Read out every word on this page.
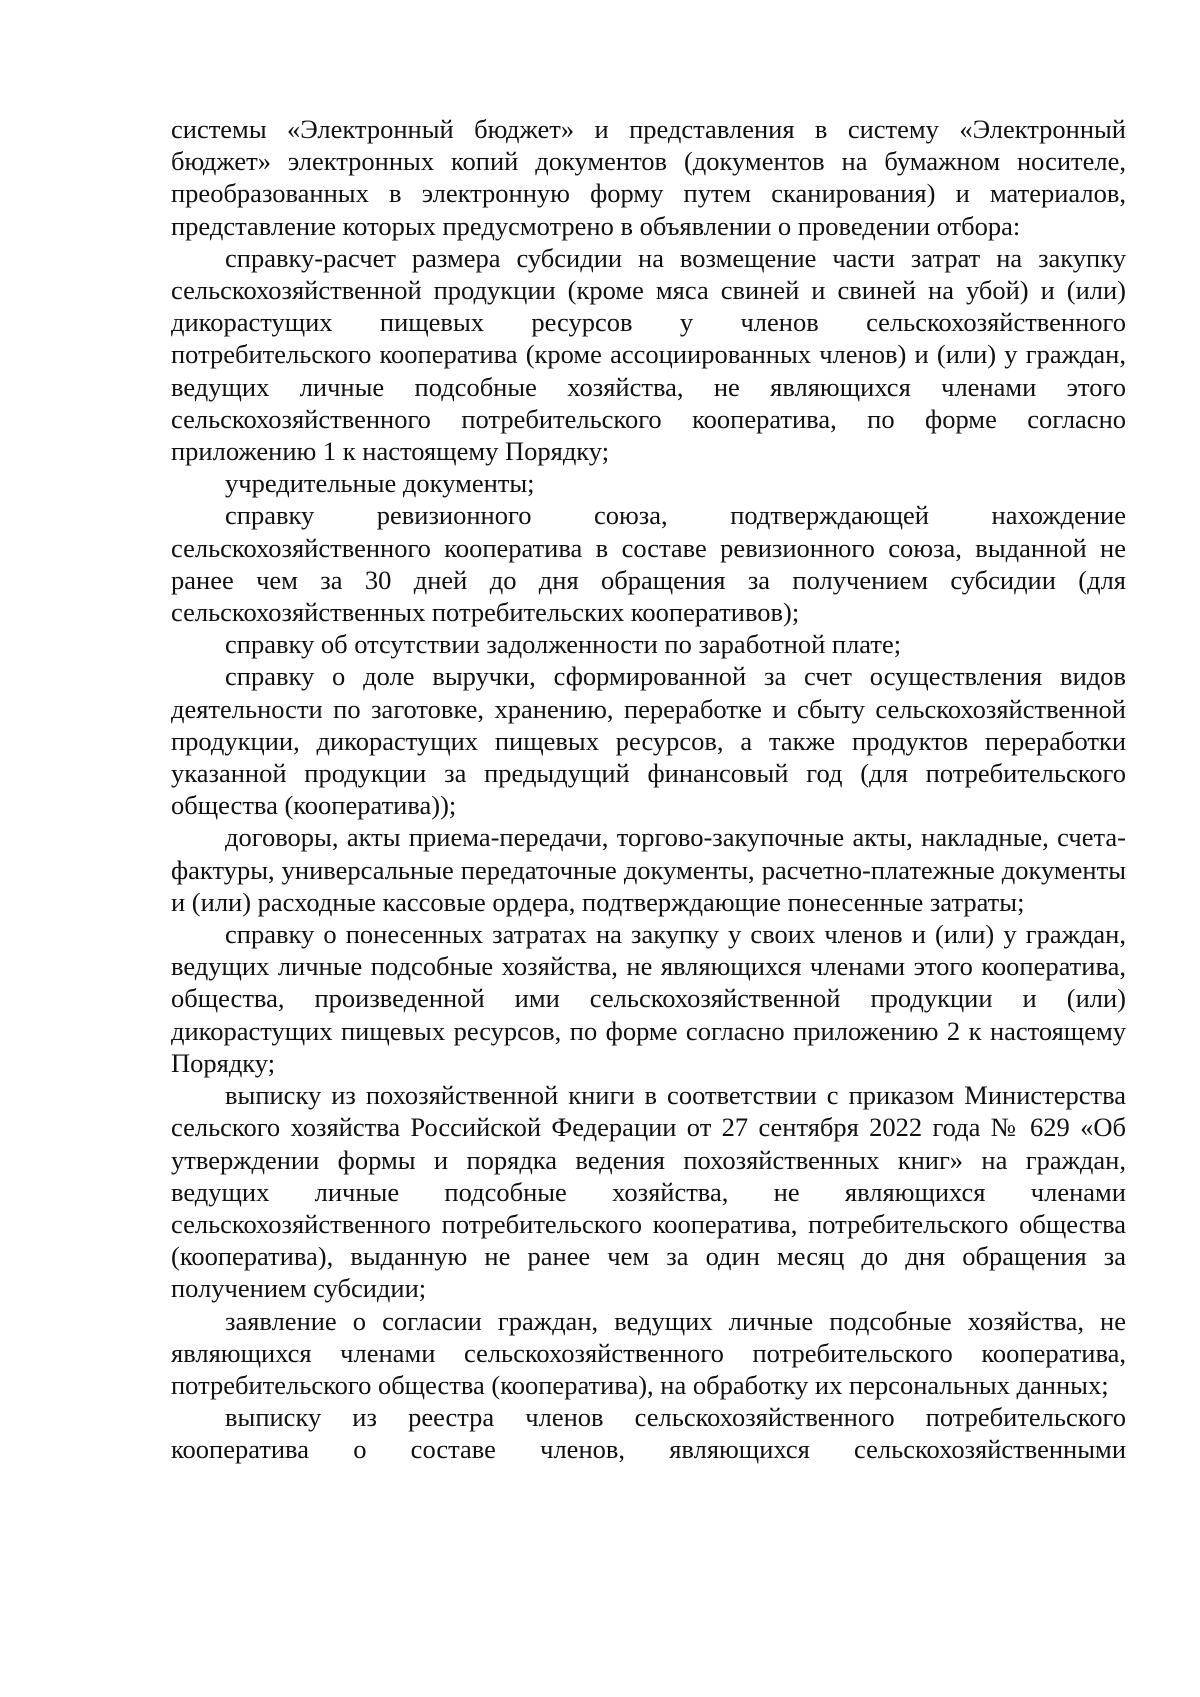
системы «Электронный бюджет» и представления в систему «Электронный бюджет» электронных копий документов (документов на бумажном носителе, преобразованных в электронную форму путем сканирования) и материалов, представление которых предусмотрено в объявлении о проведении отбора:

справку-расчет размера субсидии на возмещение части затрат на закупку сельскохозяйственной продукции (кроме мяса свиней и свиней на убой) и (или) дикорастущих пищевых ресурсов у членов сельскохозяйственного потребительского кооператива (кроме ассоциированных членов) и (или) у граждан, ведущих личные подсобные хозяйства, не являющихся членами этого сельскохозяйственного потребительского кооператива, по форме согласно приложению 1 к настоящему Порядку;

учредительные документы;

справку ревизионного союза, подтверждающей нахождение сельскохозяйственного кооператива в составе ревизионного союза, выданной не ранее чем за 30 дней до дня обращения за получением субсидии (для сельскохозяйственных потребительских кооперативов);

справку об отсутствии задолженности по заработной плате;

справку о доле выручки, сформированной за счет осуществления видов деятельности по заготовке, хранению, переработке и сбыту сельскохозяйственной продукции, дикорастущих пищевых ресурсов, а также продуктов переработки указанной продукции за предыдущий финансовый год (для потребительского общества (кооператива));

договоры, акты приема-передачи, торгово-закупочные акты, накладные, счета-фактуры, универсальные передаточные документы, расчетно-платежные документы и (или) расходные кассовые ордера, подтверждающие понесенные затраты;

справку о понесенных затратах на закупку у своих членов и (или) у граждан, ведущих личные подсобные хозяйства, не являющихся членами этого кооператива, общества, произведенной ими сельскохозяйственной продукции и (или) дикорастущих пищевых ресурсов, по форме согласно приложению 2 к настоящему Порядку;

выписку из похозяйственной книги в соответствии с приказом Министерства сельского хозяйства Российской Федерации от 27 сентября 2022 года № 629 «Об утверждении формы и порядка ведения похозяйственных книг» на граждан, ведущих личные подсобные хозяйства, не являющихся членами сельскохозяйственного потребительского кооператива, потребительского общества (кооператива), выданную не ранее чем за один месяц до дня обращения за получением субсидии;

заявление о согласии граждан, ведущих личные подсобные хозяйства, не являющихся членами сельскохозяйственного потребительского кооператива, потребительского общества (кооператива), на обработку их персональных данных;

выписку из реестра членов сельскохозяйственного потребительского кооператива о составе членов, являющихся сельскохозяйственными
